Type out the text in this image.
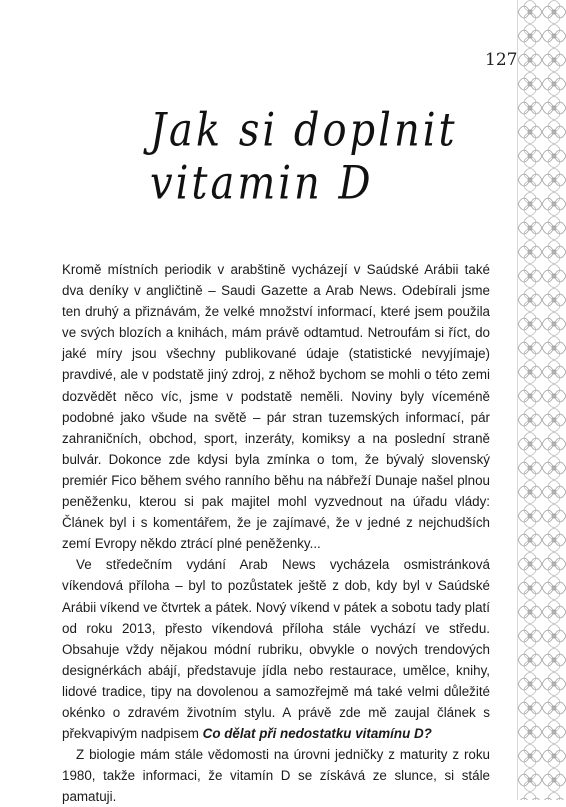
127
Jak si doplnit vitamin D

Kromě místních periodik v arabštině vycházejí v Saúdské Arábii také dva deníky v angličtině – Saudi Gazette a Arab News. Odebírali jsme ten druhý a přiznávám, že velké množství informací, které jsem použila ve svých blozích a knihách, mám právě odtamtud. Netroufám si říct, do jaké míry jsou všechny publikované údaje (statistické nevyjímaje) pravdivé, ale v podstatě jiný zdroj, z něhož bychom se mohli o této zemi dozvědět něco víc, jsme v podstatě neměli. Noviny byly víceméně podobné jako všude na světě – pár stran tuzemských informací, pár zahraničních, obchod, sport, inzeráty, komiksy a na poslední straně bulvár. Dokonce zde kdysi byla zmínka o tom, že bývalý slovenský premiér Fico během svého ranního běhu na nábřeží Dunaje našel plnou peněženku, kterou si pak majitel mohl vyzvednout na úřadu vlády: Článek byl i s komentářem, že je zajímavé, že v jedné z nejchudších zemí Evropy někdo ztrácí plné peněženky...

Ve středečním vydání Arab News vycházela osmistránková víkendová příloha – byl to pozůstatek ještě z dob, kdy byl v Saúdské Arábii víkend ve čtvrtek a pátek. Nový víkend v pátek a sobotu tady platí od roku 2013, přesto víkendová příloha stále vychází ve středu. Obsahuje vždy nějakou módní rubriku, obvykle o nových trendových designérkách abájí, představuje jídla nebo restaurace, umělce, knihy, lidové tradice, tipy na dovolenou a samozřejmě má také velmi důležité okénko o zdravém životním stylu. A právě zde mě zaujal článek s překvapivým nadpisem Co dělat při nedostatku vitamínu D?

Z biologie mám stále vědomosti na úrovni jedničky z maturity z roku 1980, takže informaci, že vitamín D se získává ze slunce, si stále pamatuji.
